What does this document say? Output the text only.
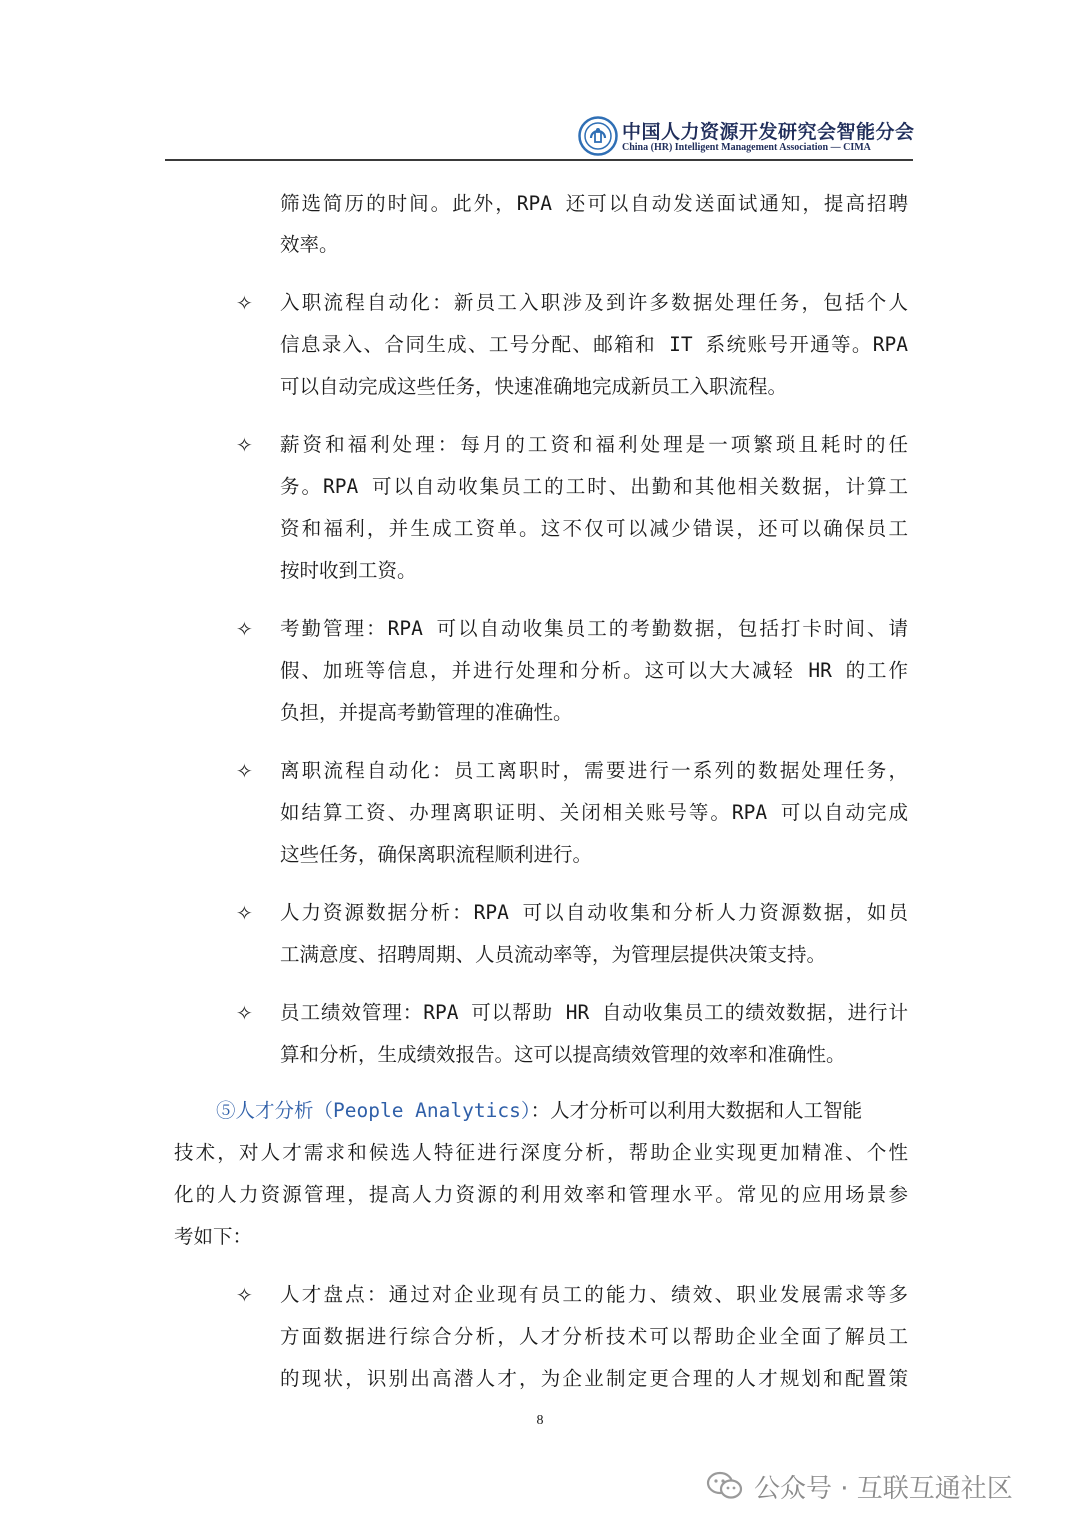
中国人力资源开发研究会智能分会
China (HR) Intelligent Management Association — CIMA
筛选简历的时间。此外，RPA 还可以自动发送面试通知，提高招聘
效率。
✧ 入职流程自动化：新员工入职涉及到许多数据处理任务，包括个人
信息录入、合同生成、工号分配、邮箱和 IT 系统账号开通等。RPA
可以自动完成这些任务，快速准确地完成新员工入职流程。
✧ 薪资和福利处理：每月的工资和福利处理是一项繁琐且耗时的任
务。RPA 可以自动收集员工的工时、出勤和其他相关数据，计算工
资和福利，并生成工资单。这不仅可以减少错误，还可以确保员工
按时收到工资。
✧ 考勤管理：RPA 可以自动收集员工的考勤数据，包括打卡时间、请
假、加班等信息，并进行处理和分析。这可以大大减轻 HR 的工作
负担，并提高考勤管理的准确性。
✧ 离职流程自动化：员工离职时，需要进行一系列的数据处理任务，
如结算工资、办理离职证明、关闭相关账号等。RPA 可以自动完成
这些任务，确保离职流程顺利进行。
✧ 人力资源数据分析：RPA 可以自动收集和分析人力资源数据，如员
工满意度、招聘周期、人员流动率等，为管理层提供决策支持。
✧ 员工绩效管理：RPA 可以帮助 HR 自动收集员工的绩效数据，进行计
算和分析，生成绩效报告。这可以提高绩效管理的效率和准确性。
⑤人才分析（People Analytics）：人才分析可以利用大数据和人工智能
技术，对人才需求和候选人特征进行深度分析，帮助企业实现更加精准、个性
化的人力资源管理，提高人力资源的利用效率和管理水平。常见的应用场景参
考如下：
✧ 人才盘点：通过对企业现有员工的能力、绩效、职业发展需求等多
方面数据进行综合分析，人才分析技术可以帮助企业全面了解员工
的现状，识别出高潜人才，为企业制定更合理的人才规划和配置策
8
公众号 · 互联互通社区
